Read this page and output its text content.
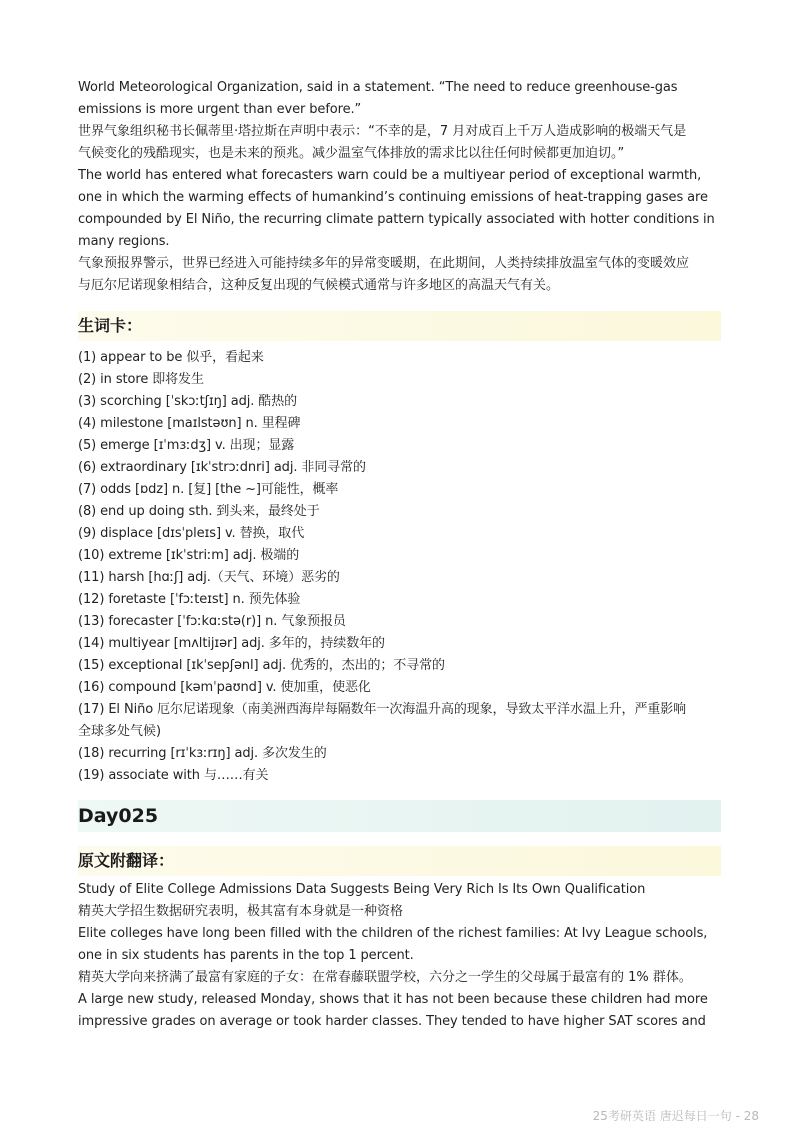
World Meteorological Organization, said in a statement. “The need to reduce greenhouse-gas
emissions is more urgent than ever before.”
世界气象组织秘书长佩蒂里·塔拉斯在声明中表示：“不幸的是，7 月对成百上千万人造成影响的极端天气是
气候变化的残酷现实，也是未来的预兆。减少温室气体排放的需求比以往任何时候都更加迫切。”
The world has entered what forecasters warn could be a multiyear period of exceptional warmth,
one in which the warming effects of humankind’s continuing emissions of heat-trapping gases are
compounded by El Niño, the recurring climate pattern typically associated with hotter conditions in
many regions.
气象预报界警示，世界已经进入可能持续多年的异常变暖期，在此期间，人类持续排放温室气体的变暖效应
与厄尔尼诺现象相结合，这种反复出现的气候模式通常与许多地区的高温天气有关。
生词卡：
(1) appear to be 似乎，看起来
(2) in store 即将发生
(3) scorching [ˈskɔːtʃɪŋ] adj. 酷热的
(4) milestone [maɪlstəʊn] n. 里程碑
(5) emerge [ɪˈmɜːdʒ] v. 出现；显露
(6) extraordinary [ɪkˈstrɔːdnri] adj. 非同寻常的
(7) odds [ɒdz] n. [复] [the ~]可能性，概率
(8) end up doing sth. 到头来，最终处于
(9) displace [dɪsˈpleɪs] v. 替换，取代
(10) extreme [ɪkˈstriːm] adj. 极端的
(11) harsh [hɑːʃ] adj.（天气、环境）恶劣的
(12) foretaste [ˈfɔːteɪst] n. 预先体验
(13) forecaster [ˈfɔːkɑːstə(r)] n. 气象预报员
(14) multiyear [mʌltijɪər] adj. 多年的，持续数年的
(15) exceptional [ɪkˈsepʃənl] adj. 优秀的，杰出的；不寻常的
(16) compound [kəmˈpaʊnd] v. 使加重，使恶化
(17) El Niño 厄尔尼诺现象（南美洲西海岸每隔数年一次海温升高的现象，导致太平洋水温上升，严重影响
全球多处气候)
(18) recurring [rɪˈkɜːrɪŋ] adj. 多次发生的
(19) associate with 与……有关
Day025
原文附翻译：
Study of Elite College Admissions Data Suggests Being Very Rich Is Its Own Qualification
精英大学招生数据研究表明，极其富有本身就是一种资格
Elite colleges have long been filled with the children of the richest families: At Ivy League schools,
one in six students has parents in the top 1 percent.
精英大学向来挤满了最富有家庭的子女：在常春藤联盟学校，六分之一学生的父母属于最富有的 1% 群体。
A large new study, released Monday, shows that it has not been because these children had more
impressive grades on average or took harder classes. They tended to have higher SAT scores and
25考研英语 唐迟每日一句 - 28
